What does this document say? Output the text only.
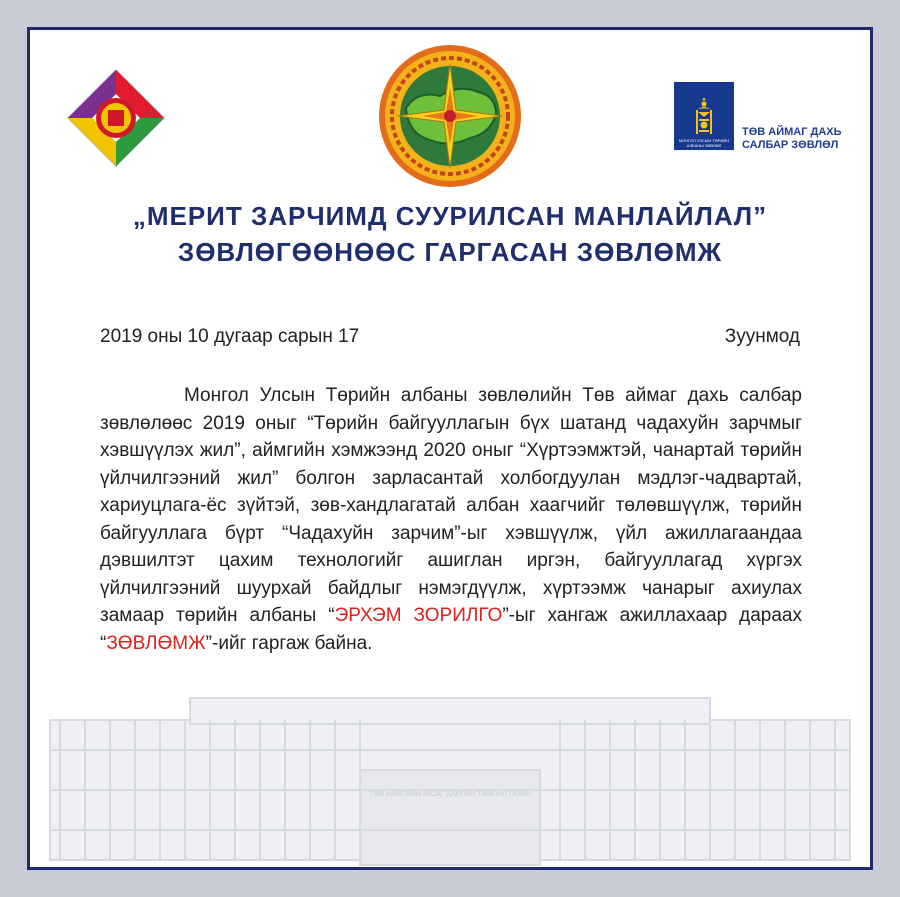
ТӨВ АЙМГИЙН ЗАСАГ ДАРГЫН ТАМГЫН ГАЗАР
МОНГОЛ УЛСЫН ТӨРИЙН АЛБАНЫ ЗӨВЛӨЛ
ТӨВ АЙМАГ ДАХЬ
САЛБАР ЗӨВЛӨЛ
„МЕРИТ ЗАРЧИМД СУУРИЛСАН МАНЛАЙЛАЛ”
ЗӨВЛӨГӨӨНӨӨС ГАРГАСАН ЗӨВЛӨМЖ
2019 оны 10 дугаар сарын 17	Зуунмод

Монгол Улсын Төрийн албаны зөвлөлийн Төв аймаг дахь салбар зөвлөлөөс 2019 оныг “Төрийн байгууллагын бүх шатанд чадахуйн зарчмыг хэвшүүлэх жил”, аймгийн хэмжээнд 2020 оныг “Хүртээмжтэй, чанартай төрийн үйлчилгээний жил” болгон зарласантай холбогдуулан мэдлэг-чадвартай, хариуцлага-ёс зүйтэй, зөв-хандлагатай албан хаагчийг төлөвшүүлж, төрийн байгууллага бүрт “Чадахуйн зарчим”-ыг хэвшүүлж, үйл ажиллагаандаа дэвшилтэт цахим технологийг ашиглан иргэн, байгууллагад хүргэх үйлчилгээний шуурхай байдлыг нэмэгдүүлж, хүртээмж чанарыг ахиулах замаар төрийн албаны “ЭРХЭМ ЗОРИЛГО”-ыг хангаж ажиллахаар дараах “ЗӨВЛӨМЖ”-ийг гаргаж байна.
